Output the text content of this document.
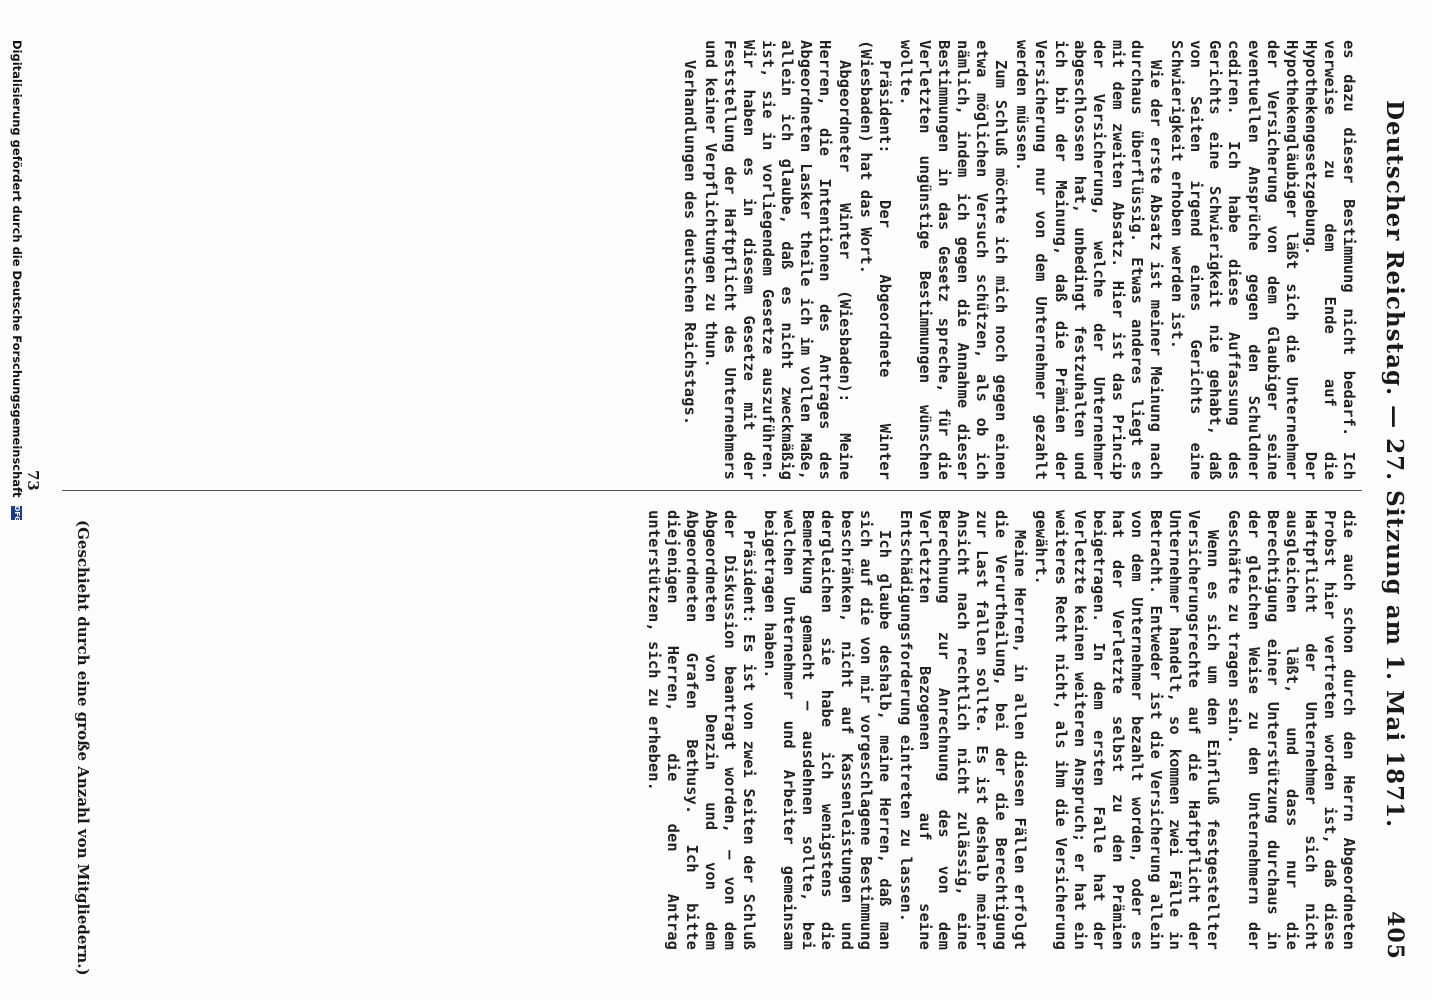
Deutscher Reichstag. — 27. Sitzung am 1. Mai 1871.
405

es dazu dieser Bestimmung nicht bedarf. Ich verweise zu dem Ende auf die Hypothekengesetzgebung. Der Hypothekengläubiger läßt sich die Unternehmer der Versicherung von dem Glaubiger seine eventuellen Ansprüche gegen den Schuldner cediren. Ich habe diese Auffassung des Gerichts eine Schwierigkeit nie gehabt, daß von Seiten irgend eines Gerichts eine Schwierigkeit erhoben werden ist.

Wie der erste Absatz ist meiner Meinung nach durchaus überflüssig. Etwas anderes liegt es mit dem zweiten Absatz. Hier ist das Princip der Versicherung, welche der Unternehmer abgeschlossen hat, unbedingt festzuhalten und ich bin der Meinung, daß die Prämien der Versicherung nur von dem Unternehmer gezahlt werden müssen.

Zum Schluß möchte ich mich noch gegen einen etwa möglichen Versuch schützen, als ob ich nämlich, indem ich gegen die Annahme dieser Bestimmungen in das Gesetz spreche, für die Verletzten ungünstige Bestimmungen wünschen wollte.

Präsident: Der Abgeordnete Winter (Wiesbaden) hat das Wort.

Abgeordneter Winter (Wiesbaden): Meine Herren, die Intentionen des Antrages des Abgeordneten Lasker theile ich im vollen Maße, allein ich glaube, daß es nicht zweckmäßig ist, sie in vorliegendem Gesetze auszuführen. Wir haben es in diesem Gesetze mit der Feststellung der Haftpflicht des Unternehmers und keiner Verpflichtungen zu thun.

Verhandlungen des deutschen Reichstags.

die auch schon durch den Herrn Abgeordneten Probst hier vertreten worden ist, daß diese Haftpflicht der Unternehmer sich nicht ausgleichen läßt, und dass nur die Berechtigung einer Unterstützung durchaus in der gleichen Weise zu den Unternehmern der Geschäfte zu tragen sein.

Wenn es sich um den Einfluß festgestellter Versicherungsrechte auf die Haftpflicht der Unternehmer handelt, so kommen zwei Fälle in Betracht. Entweder ist die Versicherung allein von dem Unternehmer bezahlt worden, oder es hat der Verletzte selbst zu den Prämien beigetragen. In dem ersten Falle hat der Verletzte keinen weiteren Anspruch; er hat ein weiteres Recht nicht, als ihm die Versicherung gewährt.

Meine Herren, in allen diesen Fällen erfolgt die Verurtheilung, bei der die Berechtigung zur Last fallen sollte. Es ist deshalb meiner Ansicht nach rechtlich nicht zulässig, eine Berechnung zur Anrechnung des von dem Verletzten Bezogenen auf seine Entschädigungsforderung eintreten zu lassen.

Ich glaube deshalb, meine Herren, daß man sich auf die von mir vorgeschlagene Bestimmung beschränken, nicht auf Kassenleistungen und dergleichen sie habe ich wenigstens die Bemerkung gemacht — ausdehnen sollte, bei welchen Unternehmer und Arbeiter gemeinsam beigetragen haben.

Präsident: Es ist von zwei Seiten der Schluß der Diskussion beantragt worden, — von dem Abgeordneten von Denzin und von dem Abgeordneten Grafen Bethusy. Ich bitte diejenigen Herren, die den Antrag unterstützen, sich zu erheben.

(Geschieht durch eine große Anzahl von Mitgliedern.)
73
Digitalisierung gefördert durch die Deutsche Forschungsgemeinschaft DFG
